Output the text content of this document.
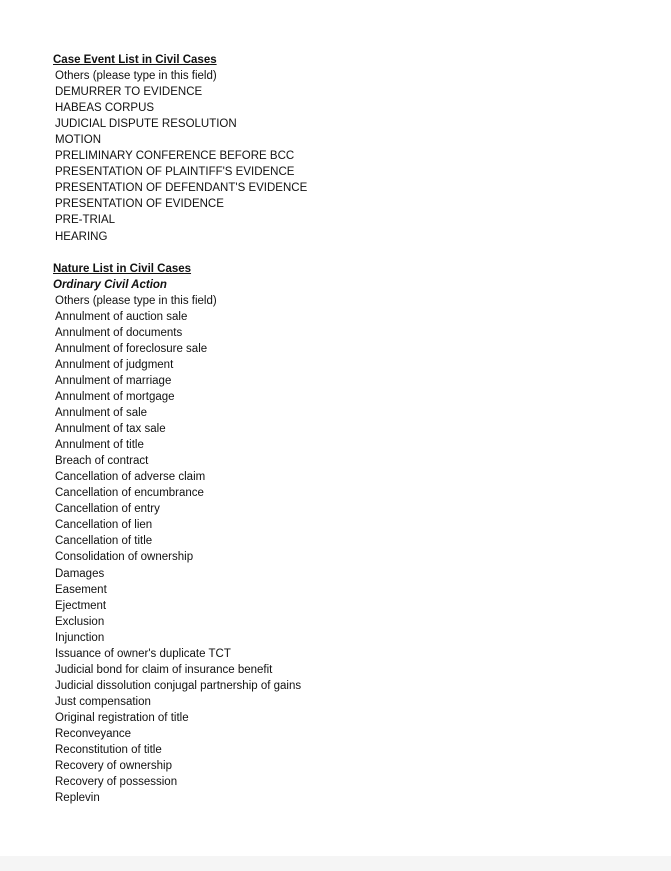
Case Event List in Civil Cases
Others (please type in this field)
DEMURRER TO EVIDENCE
HABEAS CORPUS
JUDICIAL DISPUTE RESOLUTION
MOTION
PRELIMINARY CONFERENCE BEFORE BCC
PRESENTATION OF PLAINTIFF'S EVIDENCE
PRESENTATION OF DEFENDANT'S EVIDENCE
PRESENTATION OF EVIDENCE
PRE-TRIAL
HEARING
Nature List in Civil Cases
Ordinary Civil Action
Others (please type in this field)
Annulment of auction sale
Annulment of documents
Annulment of foreclosure sale
Annulment of judgment
Annulment of marriage
Annulment of mortgage
Annulment of sale
Annulment of tax sale
Annulment of title
Breach of contract
Cancellation of adverse claim
Cancellation of encumbrance
Cancellation of entry
Cancellation of lien
Cancellation of title
Consolidation of ownership
Damages
Easement
Ejectment
Exclusion
Injunction
Issuance of owner's duplicate TCT
Judicial bond for claim of insurance benefit
Judicial dissolution conjugal partnership of gains
Just compensation
Original registration of title
Reconveyance
Reconstitution of title
Recovery of ownership
Recovery of possession
Replevin
